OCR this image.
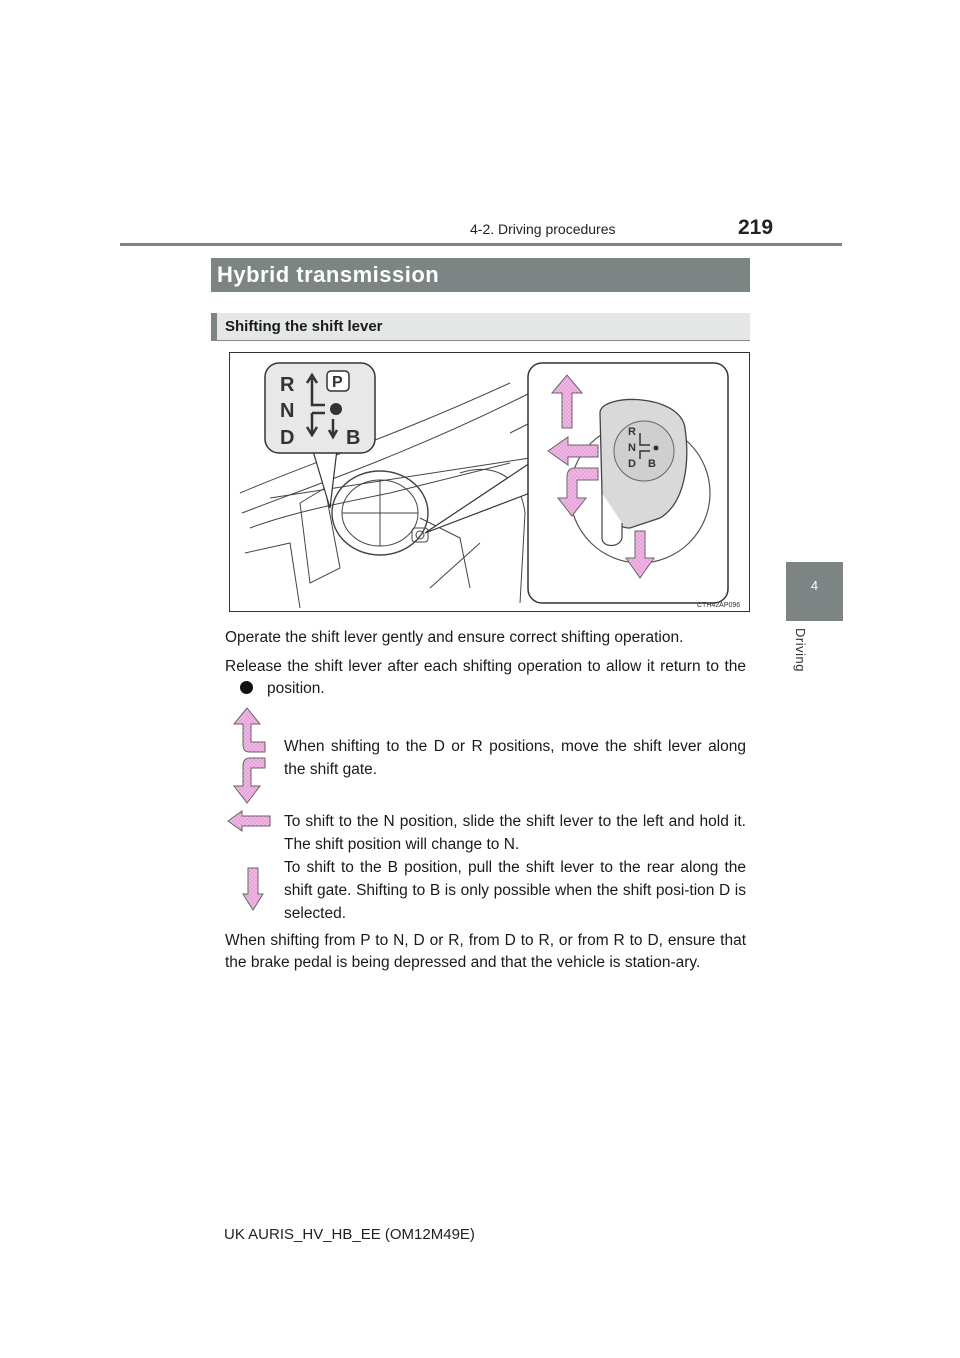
4-2. Driving procedures	219
4
Driving
Hybrid transmission
Shifting the shift lever
R
N
D	B
P
R
N
D B
CTH42AP096
Operate the shift lever gently and ensure correct shifting operation.
Release the shift lever after each shifting operation to allow it return to theposition.
When shifting to the D or R positions, move the shift lever along the shift gate.
To shift to the N position, slide the shift lever to the left and hold it. The shift position will change to N.
To shift to the B position, pull the shift lever to the rear along the shift gate. Shifting to B is only possible when the shift posi-tion D is selected.
When shifting from P to N, D or R, from D to R, or from R to D, ensure that the brake pedal is being depressed and that the vehicle is station-ary.
UK AURIS_HV_HB_EE (OM12M49E)
